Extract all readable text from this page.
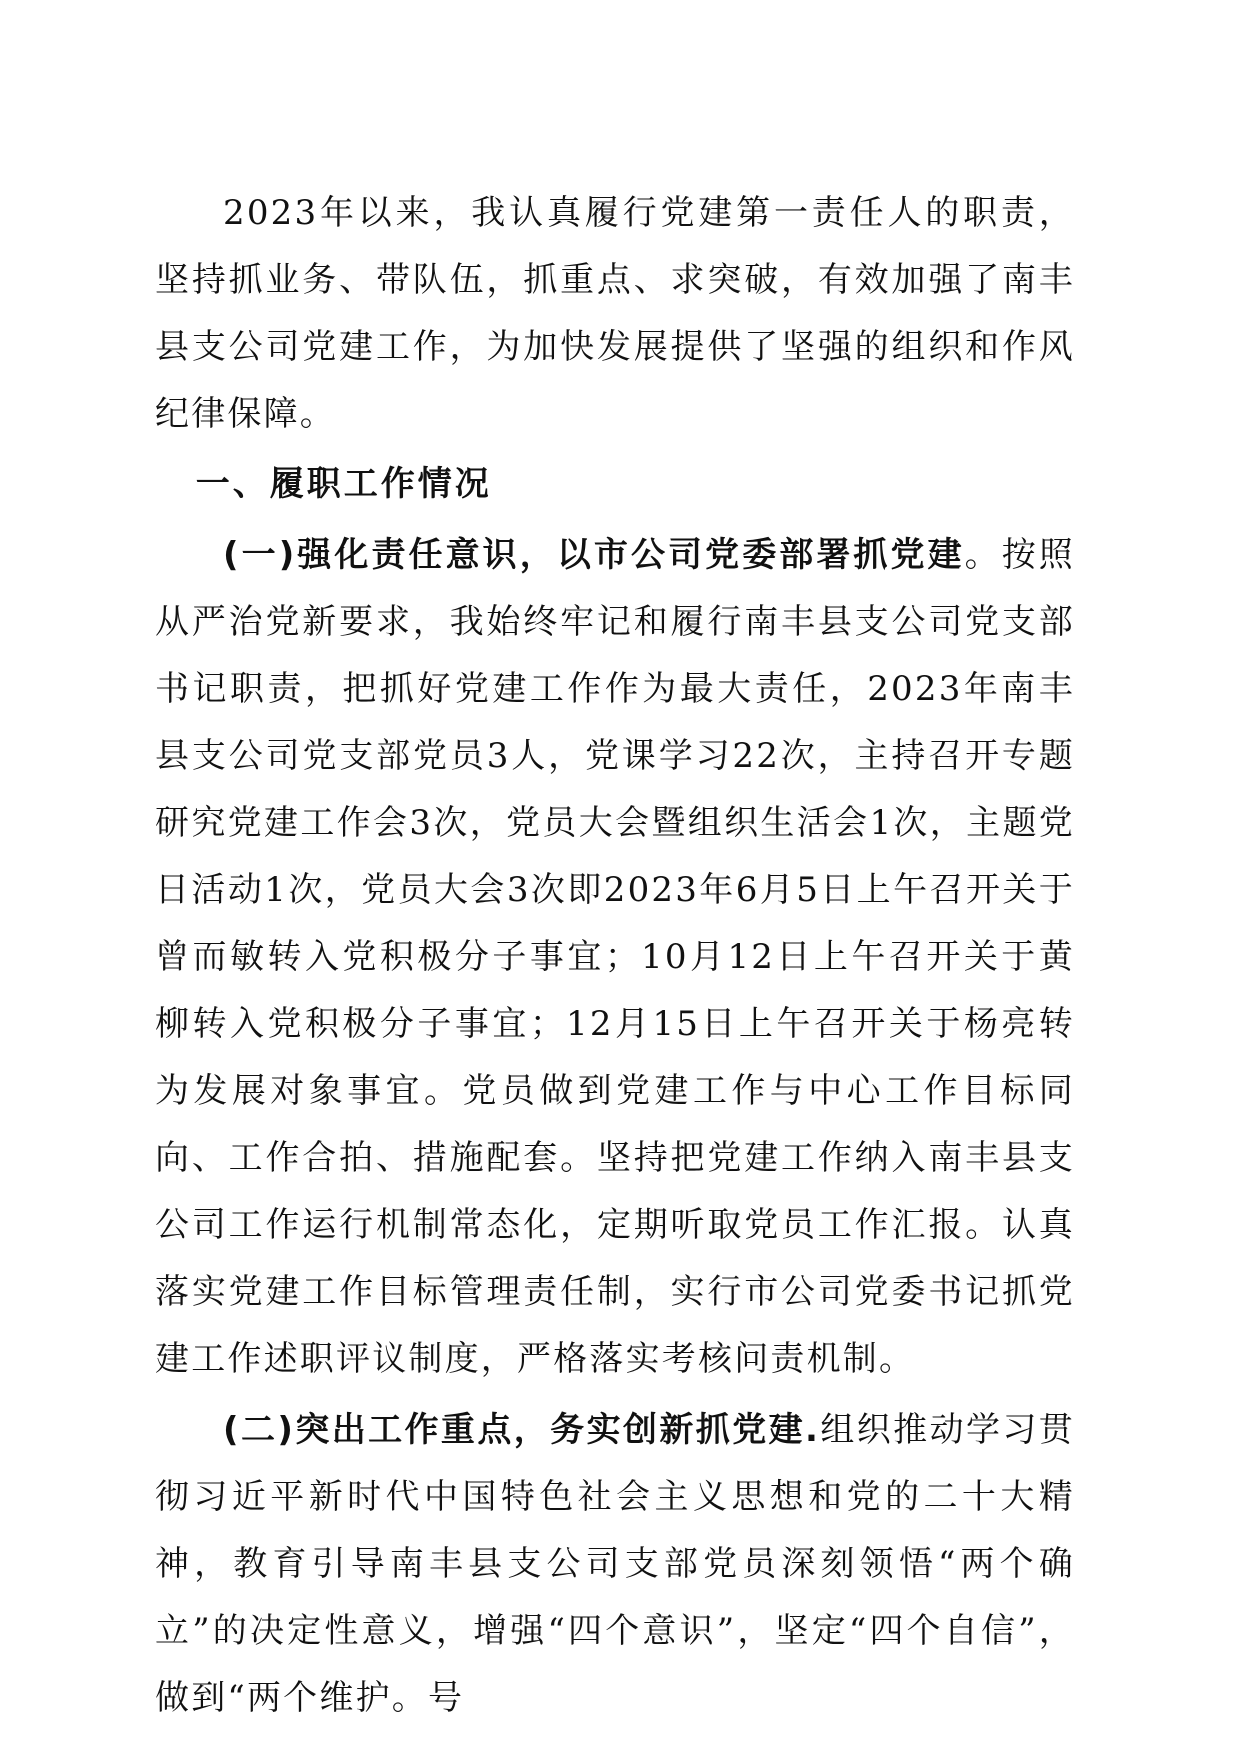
2023年以来，我认真履行党建第一责任人的职责，坚持抓业务、带队伍，抓重点、求突破，有效加强了南丰县支公司党建工作，为加快发展提供了坚强的组织和作风纪律保障。

一、履职工作情况

(一)强化责任意识，以市公司党委部署抓党建。按照从严治党新要求，我始终牢记和履行南丰县支公司党支部书记职责，把抓好党建工作作为最大责任，2023年南丰县支公司党支部党员3人，党课学习22次，主持召开专题研究党建工作会3次，党员大会暨组织生活会1次，主题党日活动1次，党员大会3次即2023年6月5日上午召开关于曾而敏转入党积极分子事宜；10月12日上午召开关于黄柳转入党积极分子事宜；12月15日上午召开关于杨亮转为发展对象事宜。党员做到党建工作与中心工作目标同向、工作合拍、措施配套。坚持把党建工作纳入南丰县支公司工作运行机制常态化，定期听取党员工作汇报。认真落实党建工作目标管理责任制，实行市公司党委书记抓党建工作述职评议制度，严格落实考核问责机制。

(二)突出工作重点，务实创新抓党建.组织推动学习贯彻习近平新时代中国特色社会主义思想和党的二十大精神，教育引导南丰县支公司支部党员深刻领悟“两个确立”的决定性意义，增强“四个意识”，坚定“四个自信”，做到“两个维护。号
